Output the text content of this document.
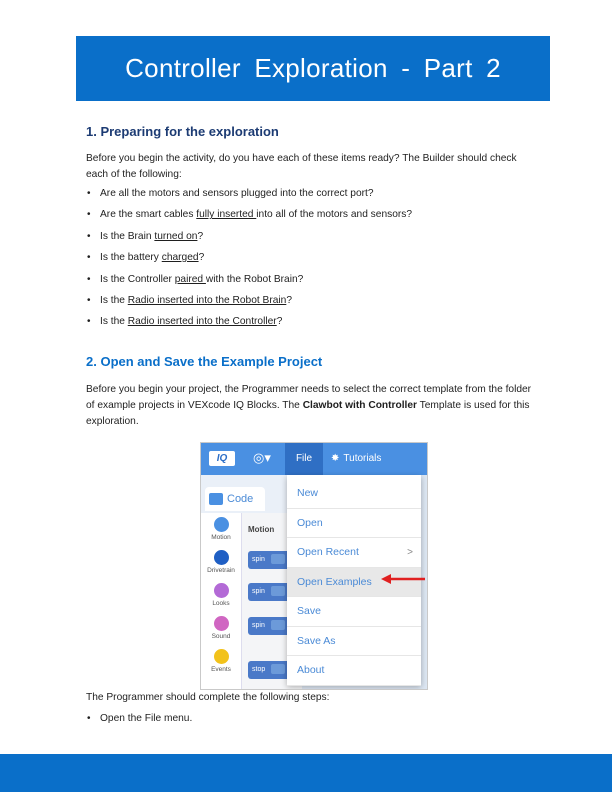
Controller Exploration - Part 2
1. Preparing for the exploration

Before you begin the activity, do you have each of these items ready? The Builder should check each of the following:

• Are all the motors and sensors plugged into the correct port?
• Are the smart cables fully inserted into all of the motors and sensors?
• Is the Brain turned on?
• Is the battery charged?
• Is the Controller paired with the Robot Brain?
• Is the Radio inserted into the Robot Brain?
• Is the Radio inserted into the Controller?
2. Open and Save the Example Project

Before you begin your project, the Programmer needs to select the correct template from the folder of example projects in VEXcode IQ Blocks. The Clawbot with Controller Template is used for this exploration.

IQ	◎▾	File	✸ Tutorials
Code
Motion
Drivetrain
Looks
Sound
Events
Motion
spin
spin
spin
stop
New
Open
Open Recent	>
Open Examples
Save
Save As
About

The Programmer should complete the following steps:

• Open the File menu.
